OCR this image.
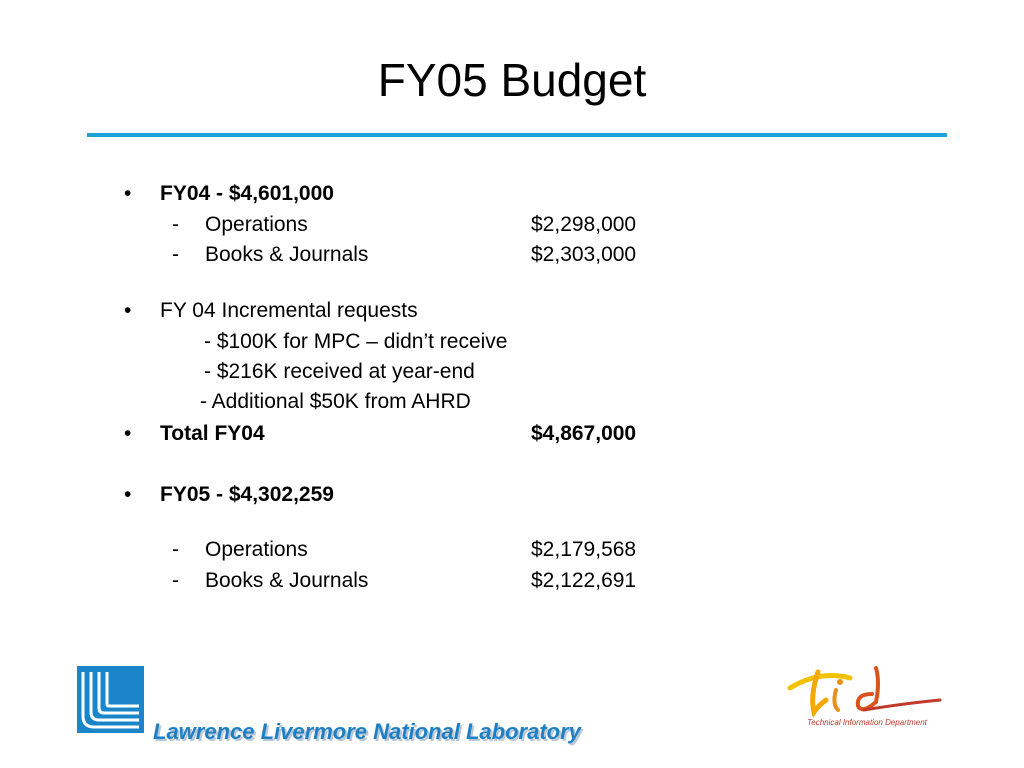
FY05 Budget
• FY04 - $4,601,000
- Operations	$2,298,000
- Books & Journals	$2,303,000
• FY 04 Incremental requests
- $100K for MPC – didn’t receive
- $216K received at year-end
- Additional $50K from AHRD
• Total FY04	$4,867,000
• FY05 - $4,302,259
- Operations	$2,179,568
- Books & Journals	$2,122,691
Lawrence Livermore National Laboratory	Technical Information Department
